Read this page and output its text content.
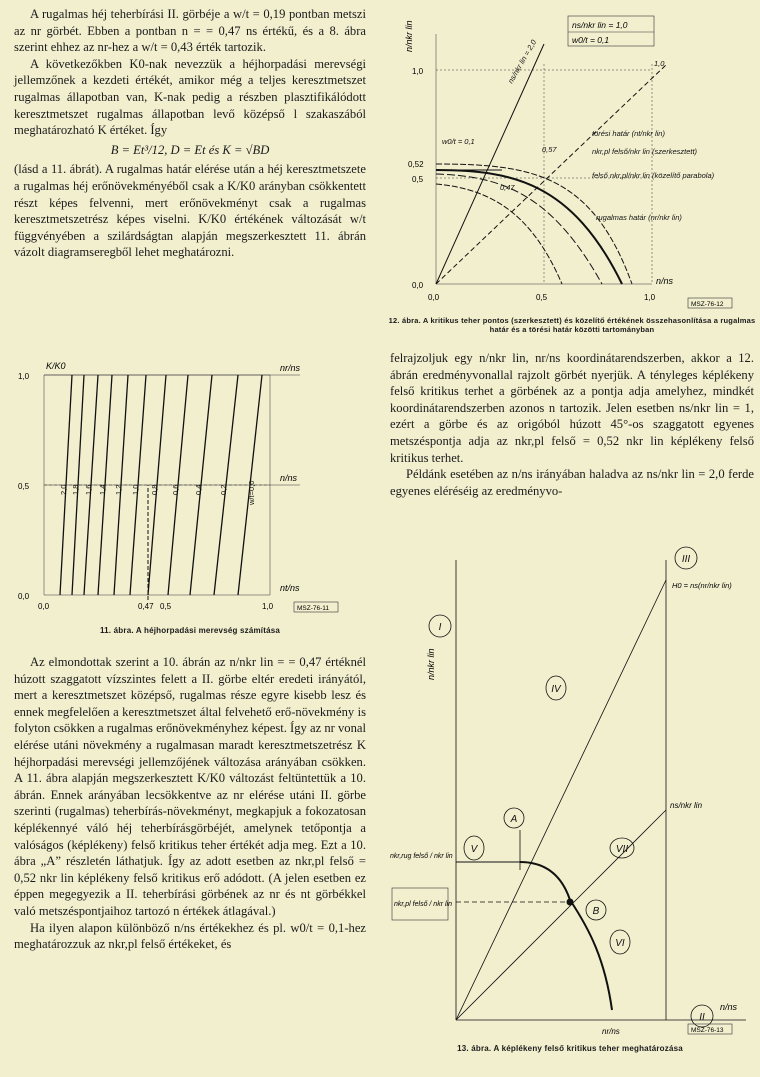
A rugalmas héj teherbírási II. görbéje a w/t = 0,19 pontban metszi az nr görbét. Ebben a pontban n = = 0,47 ns értékű, és a 8. ábra szerint ehhez az nr-hez a w/t = 0,43 érték tartozik.

A következőkben K0-nak nevezzük a héjhorpadási merevségi jellemzőnek a kezdeti értékét, amikor még a teljes keresztmetszet rugalmas állapotban van, K-nak pedig a részben plasztifikálódott keresztmetszet rugalmas állapotban levő középső l szakaszából meghatározható K értéket. Így

B = Et³/12, D = Et és K = √BD

(lásd a 11. ábrát). A rugalmas határ elérése után a héj keresztmetszete a rugalmas héj erőnövekményéből csak a K/K0 arányban csökkentett részt képes felvenni, mert erőnövekményt csak a rugalmas keresztmetszetrész képes viselni. K/K0 értékének változását w/t függvényében a szilárdságtan alapján megszerkesztett 11. ábrán vázolt diagramseregből lehet meghatározni.

K/K0
1,0
0,5
0,0
0,0	0,47 0,5	1,0
nr/ns
n/ns
nt/ns
2,0 1,8 1,6 1,4 1,2 1,0 0,8 0,6 0,4 0,2	w/t=0,0
MSZ-76-11
11. ábra. A héjhorpadási merevség számítása

Az elmondottak szerint a 10. ábrán az n/nkr lin = = 0,47 értéknél húzott szaggatott vízszintes felett a II. görbe eltér eredeti irányától, mert a keresztmetszet középső, rugalmas része egyre kisebb lesz és ennek megfelelően a keresztmetszet által felvehető erő-növekmény is folyton csökken a rugalmas erőnövekményhez képest. Így az nr vonal elérése utáni növekmény a rugalmasan maradt keresztmetszetrész K héjhorpadási merevségi jellemzőjének változása arányában csökken. A 11. ábra alapján megszerkesztett K/K0 változást feltüntettük a 10. ábrán. Ennek arányában lecsökkentve az nr elérése utáni II. görbe szerinti (rugalmas) teherbírás-növekményt, megkapjuk a fokozatosan képlékennyé váló héj teherbírásgörbéjét, amelynek tetőpontja a valóságos (képlékeny) felső kritikus teher értékét adja meg. Ezt a 10. ábra „A” részletén láthatjuk. Így az adott esetben az nkr,pl felső = 0,52 nkr lin képlékeny felső kritikus erő adódott. (A jelen esetben ez éppen megegyezik a II. teherbírási görbének az nr és nt görbékkel való metszéspontjaihoz tartozó n értékek átlagával.)

Ha ilyen alapon különböző n/ns értékekhez és pl. w0/t = 0,1-hez meghatározzuk az nkr,pl felső értékeket, és

ns/nkr lin = 1,0
w0/t = 0,1
n/nkr lin
1,0
0,52
0,5
0,0
0,0	0,5	1,0
n/ns
ns/nkr lin = 2,0	1,0
w0/t = 0,1
törési határ (nt/nkr lin)
nkr,pl felső/nkr lin (szerkesztett)
felső nkr,pl/nkr lin (közelítő parabola)
rugalmas határ (nr/nkr lin)
0,57
0,47
MSZ-76-12
12. ábra. A kritikus teher pontos (szerkesztett) és közelítő értékének összehasonlítása a rugalmas határ és a törési határ közötti tartományban

felrajzoljuk egy n/nkr lin, nr/ns koordinátarendszerben, akkor a 12. ábrán eredményvonallal rajzolt görbét nyerjük. A tényleges képlékeny felső kritikus terhet a görbének az a pontja adja amelyhez, mindkét koordinátarendszerben azonos n tartozik. Jelen esetben ns/nkr lin = 1, ezért a görbe és az origóból húzott 45°-os szaggatott egyenes metszéspontja adja az nkr,pl felső = 0,52 nkr lin képlékeny felső kritikus terhet.

Példánk esetében az n/ns irányában haladva az ns/nkr lin = 2,0 ferde egyenes eléréséig az eredményvo-

I
II
III
IV
V
VI
VII
A
B
n/nkr lin
n/ns
H0 = ns(nr/nkr lin)
ns/nkr lin
nr/ns
nkr,rug felső / nkr lin
nkr,pl felső / nkr lin
MSZ-76-13
13. ábra. A képlékeny felső kritikus teher meghatározása
